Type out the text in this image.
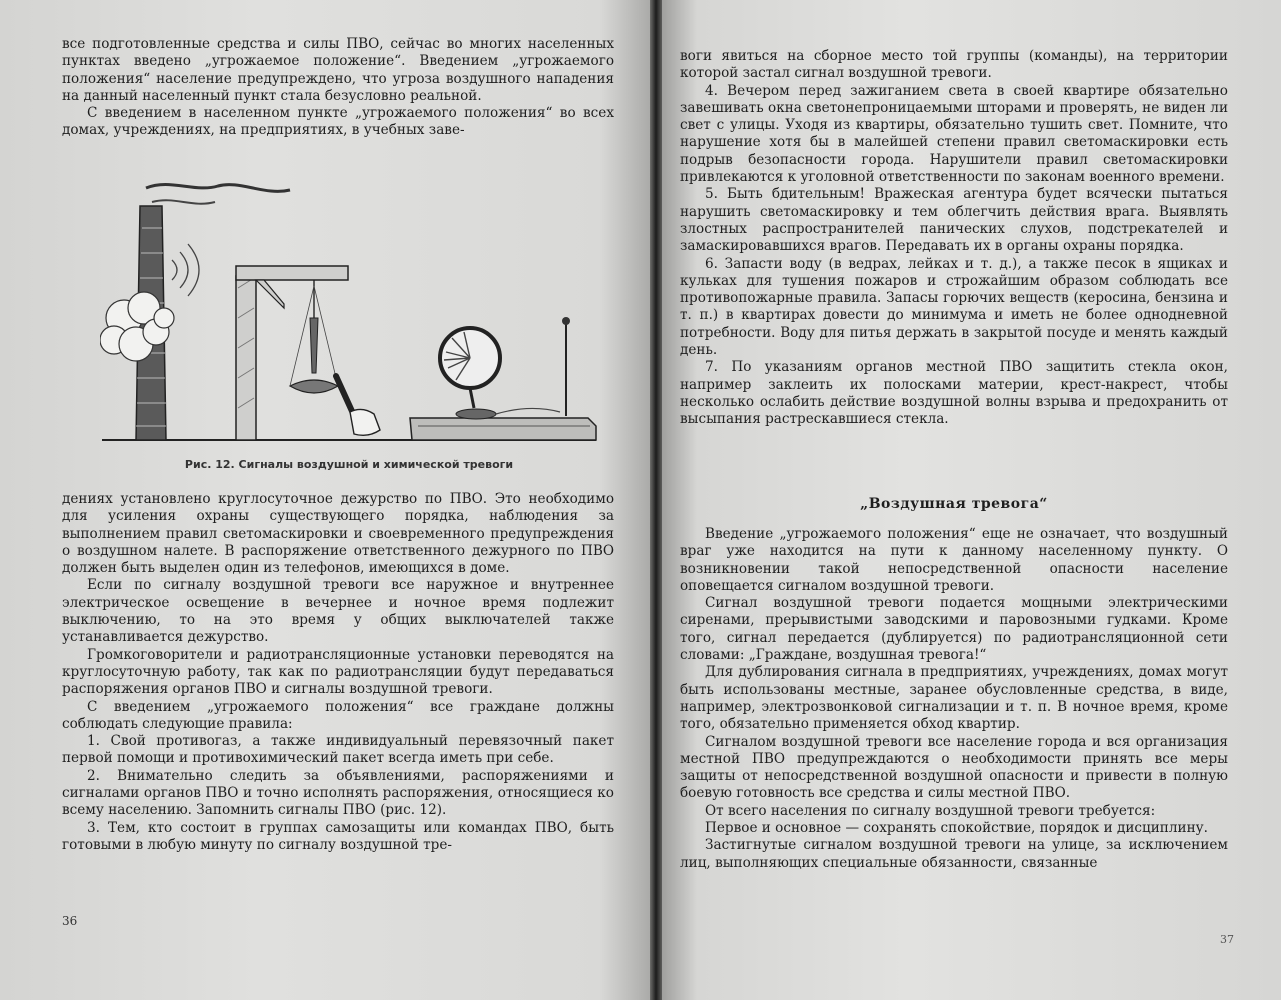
все подготовленные средства и силы ПВО, сейчас во многих населенных пунктах введено „угрожаемое положение“. Введением „угрожаемого положения“ население предупреждено, что угроза воздушного нападения на данный населенный пункт стала безусловно реальной.

С введением в населенном пункте „угрожаемого положения“ во всех домах, учреждениях, на предприятиях, в учебных заве-

Рис. 12. Сигналы воздушной и химической тревоги

дениях установлено круглосуточное дежурство по ПВО. Это необходимо для усиления охраны существующего порядка, наблюдения за выполнением правил светомаскировки и своевременного предупреждения о воздушном налете. В распоряжение ответственного дежурного по ПВО должен быть выделен один из телефонов, имеющихся в доме.

Если по сигналу воздушной тревоги все наружное и внутреннее электрическое освещение в вечернее и ночное время подлежит выключению, то на это время у общих выключателей также устанавливается дежурство.

Громкоговорители и радиотрансляционные установки переводятся на круглосуточную работу, так как по радиотрансляции будут передаваться распоряжения органов ПВО и сигналы воздушной тревоги.

С введением „угрожаемого положения“ все граждане должны соблюдать следующие правила:

1. Свой противогаз, а также индивидуальный перевязочный пакет первой помощи и противохимический пакет всегда иметь при себе.

2. Внимательно следить за объявлениями, распоряжениями и сигналами органов ПВО и точно исполнять распоряжения, относящиеся ко всему населению. Запомнить сигналы ПВО (рис. 12).

3. Тем, кто состоит в группах самозащиты или командах ПВО, быть готовыми в любую минуту по сигналу воздушной тре-

36

воги явиться на сборное место той группы (команды), на территории которой застал сигнал воздушной тревоги.

4. Вечером перед зажиганием света в своей квартире обязательно завешивать окна светонепроницаемыми шторами и проверять, не виден ли свет с улицы. Уходя из квартиры, обязательно тушить свет. Помните, что нарушение хотя бы в малейшей степени правил светомаскировки есть подрыв безопасности города. Нарушители правил светомаскировки привлекаются к уголовной ответственности по законам военного времени.

5. Быть бдительным! Вражеская агентура будет всячески пытаться нарушить светомаскировку и тем облегчить действия врага. Выявлять злостных распространителей панических слухов, подстрекателей и замаскировавшихся врагов. Передавать их в органы охраны порядка.

6. Запасти воду (в ведрах, лейках и т. д.), а также песок в ящиках и кульках для тушения пожаров и строжайшим образом соблюдать все противопожарные правила. Запасы горючих веществ (керосина, бензина и т. п.) в квартирах довести до минимума и иметь не более однодневной потребности. Воду для питья держать в закрытой посуде и менять каждый день.

7. По указаниям органов местной ПВО защитить стекла окон, например заклеить их полосками материи, крест-накрест, чтобы несколько ослабить действие воздушной волны взрыва и предохранить от высыпания растрескавшиеся стекла.

„Воздушная тревога“

Введение „угрожаемого положения“ еще не означает, что воздушный враг уже находится на пути к данному населенному пункту. О возникновении такой непосредственной опасности население оповещается сигналом воздушной тревоги.

Сигнал воздушной тревоги подается мощными электрическими сиренами, прерывистыми заводскими и паровозными гудками. Кроме того, сигнал передается (дублируется) по радиотрансляционной сети словами: „Граждане, воздушная тревога!“

Для дублирования сигнала в предприятиях, учреждениях, домах могут быть использованы местные, заранее обусловленные средства, в виде, например, электрозвонковой сигнализации и т. п. В ночное время, кроме того, обязательно применяется обход квартир.

Сигналом воздушной тревоги все население города и вся организация местной ПВО предупреждаются о необходимости принять все меры защиты от непосредственной воздушной опасности и привести в полную боевую готовность все средства и силы местной ПВО.

От всего населения по сигналу воздушной тревоги требуется:

Первое и основное — сохранять спокойствие, порядок и дисциплину.

Застигнутые сигналом воздушной тревоги на улице, за исключением лиц, выполняющих специальные обязанности, связанные

37
